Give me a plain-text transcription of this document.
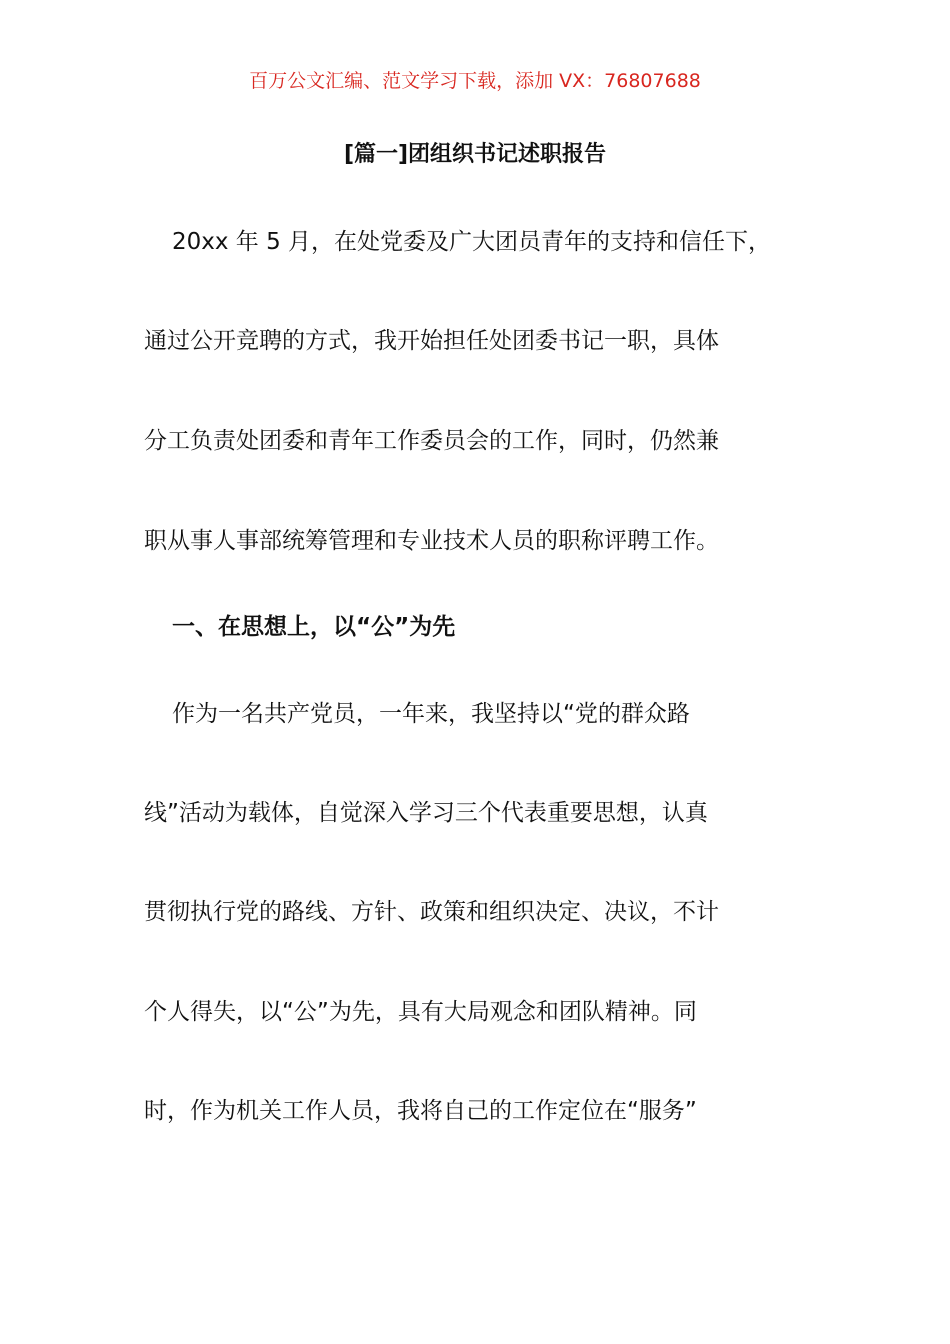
百万公文汇编、范文学习下载，添加 VX：76807688
[篇一]团组织书记述职报告
20xx 年 5 月，在处党委及广大团员青年的支持和信任下，
通过公开竞聘的方式，我开始担任处团委书记一职，具体
分工负责处团委和青年工作委员会的工作，同时，仍然兼
职从事人事部统筹管理和专业技术人员的职称评聘工作。
一、在思想上，以“公”为先
作为一名共产党员，一年来，我坚持以“党的群众路
线”活动为载体，自觉深入学习三个代表重要思想，认真
贯彻执行党的路线、方针、政策和组织决定、决议，不计
个人得失，以“公”为先，具有大局观念和团队精神。同
时，作为机关工作人员，我将自己的工作定位在“服务”
